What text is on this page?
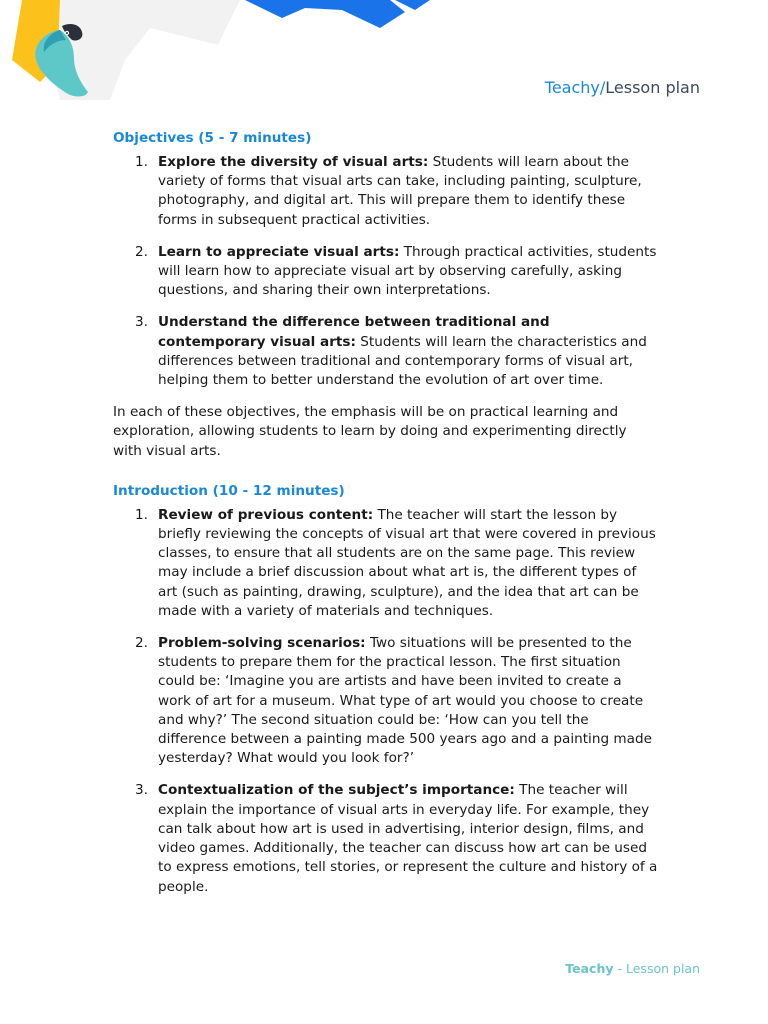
Teachy/Lesson plan
Objectives (5 - 7 minutes)
1. Explore the diversity of visual arts: Students will learn about the variety of forms that visual arts can take, including painting, sculpture, photography, and digital art. This will prepare them to identify these forms in subsequent practical activities.
2. Learn to appreciate visual arts: Through practical activities, students will learn how to appreciate visual art by observing carefully, asking questions, and sharing their own interpretations.
3. Understand the difference between traditional and contemporary visual arts: Students will learn the characteristics and differences between traditional and contemporary forms of visual art, helping them to better understand the evolution of art over time.

In each of these objectives, the emphasis will be on practical learning and exploration, allowing students to learn by doing and experimenting directly with visual arts.

Introduction (10 - 12 minutes)
1. Review of previous content: The teacher will start the lesson by briefly reviewing the concepts of visual art that were covered in previous classes, to ensure that all students are on the same page. This review may include a brief discussion about what art is, the different types of art (such as painting, drawing, sculpture), and the idea that art can be made with a variety of materials and techniques.
2. Problem-solving scenarios: Two situations will be presented to the students to prepare them for the practical lesson. The first situation could be: ‘Imagine you are artists and have been invited to create a work of art for a museum. What type of art would you choose to create and why?’ The second situation could be: ‘How can you tell the difference between a painting made 500 years ago and a painting made yesterday? What would you look for?’
3. Contextualization of the subject’s importance: The teacher will explain the importance of visual arts in everyday life. For example, they can talk about how art is used in advertising, interior design, films, and video games. Additionally, the teacher can discuss how art can be used to express emotions, tell stories, or represent the culture and history of a people.
Teachy - Lesson plan
